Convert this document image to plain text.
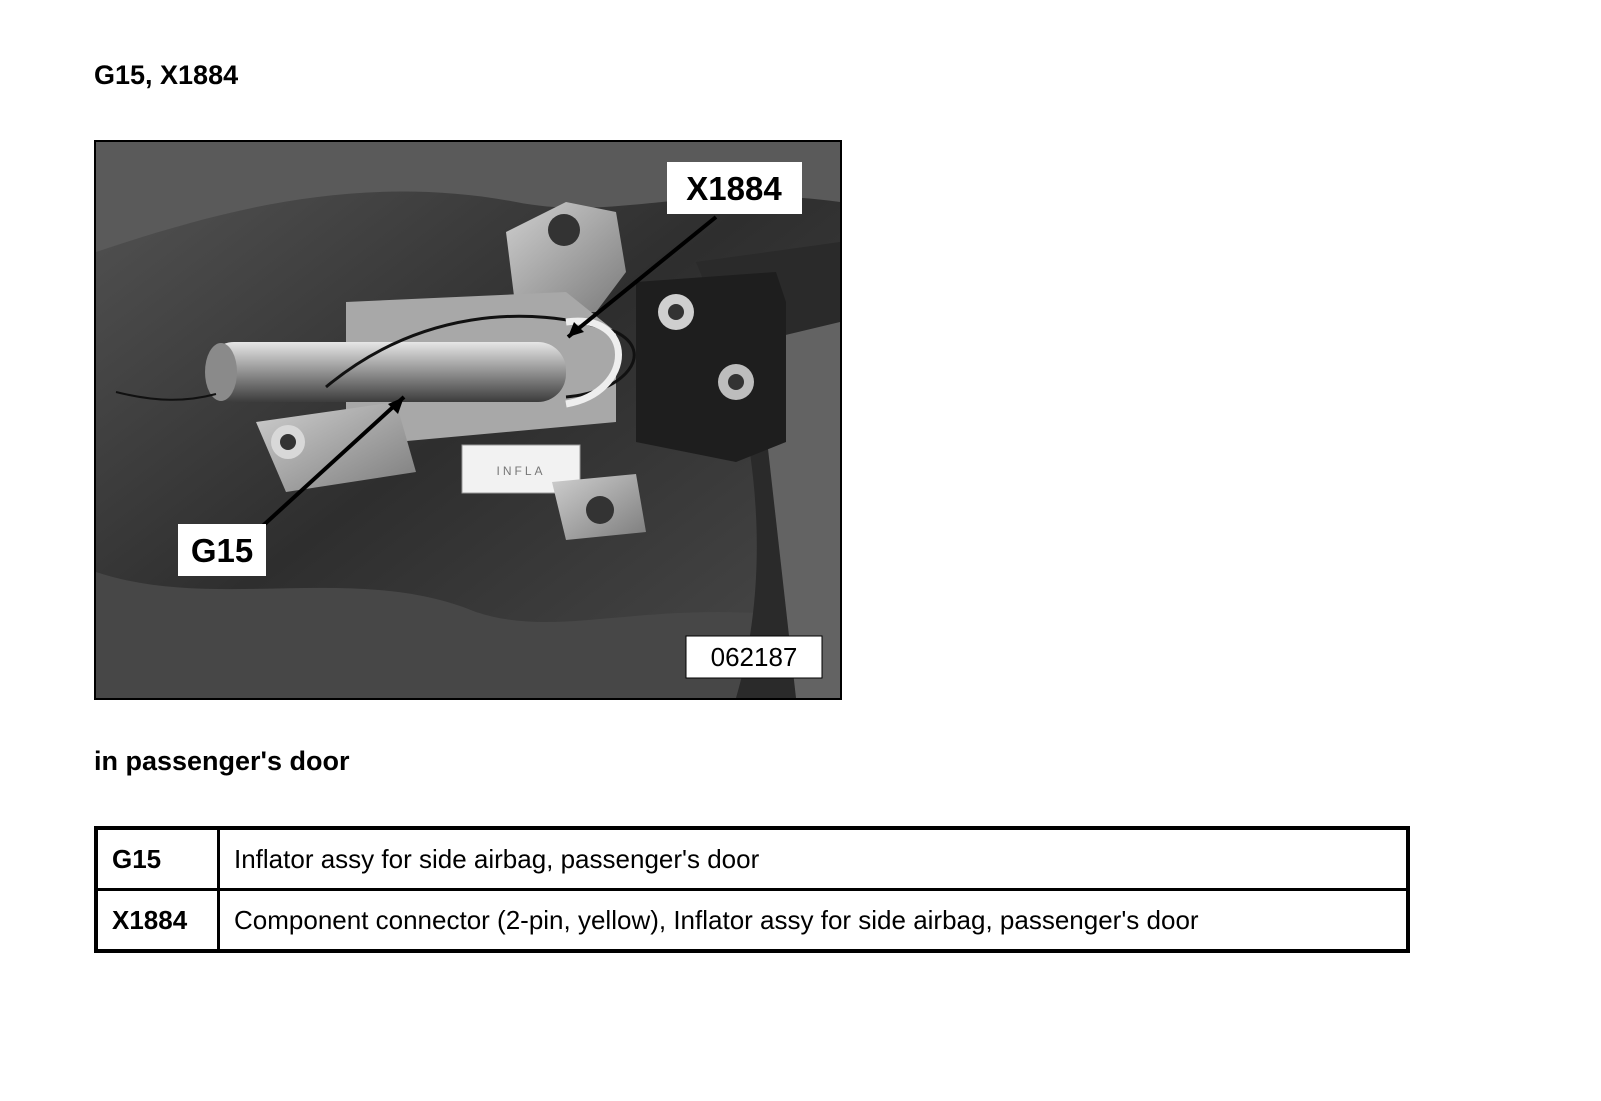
G15, X1884
INFLA
X1884
G15
062187
in passenger's door
G15	Inflator assy for side airbag, passenger's door
X1884	Component connector (2-pin, yellow), Inflator assy for side airbag, passenger's door
